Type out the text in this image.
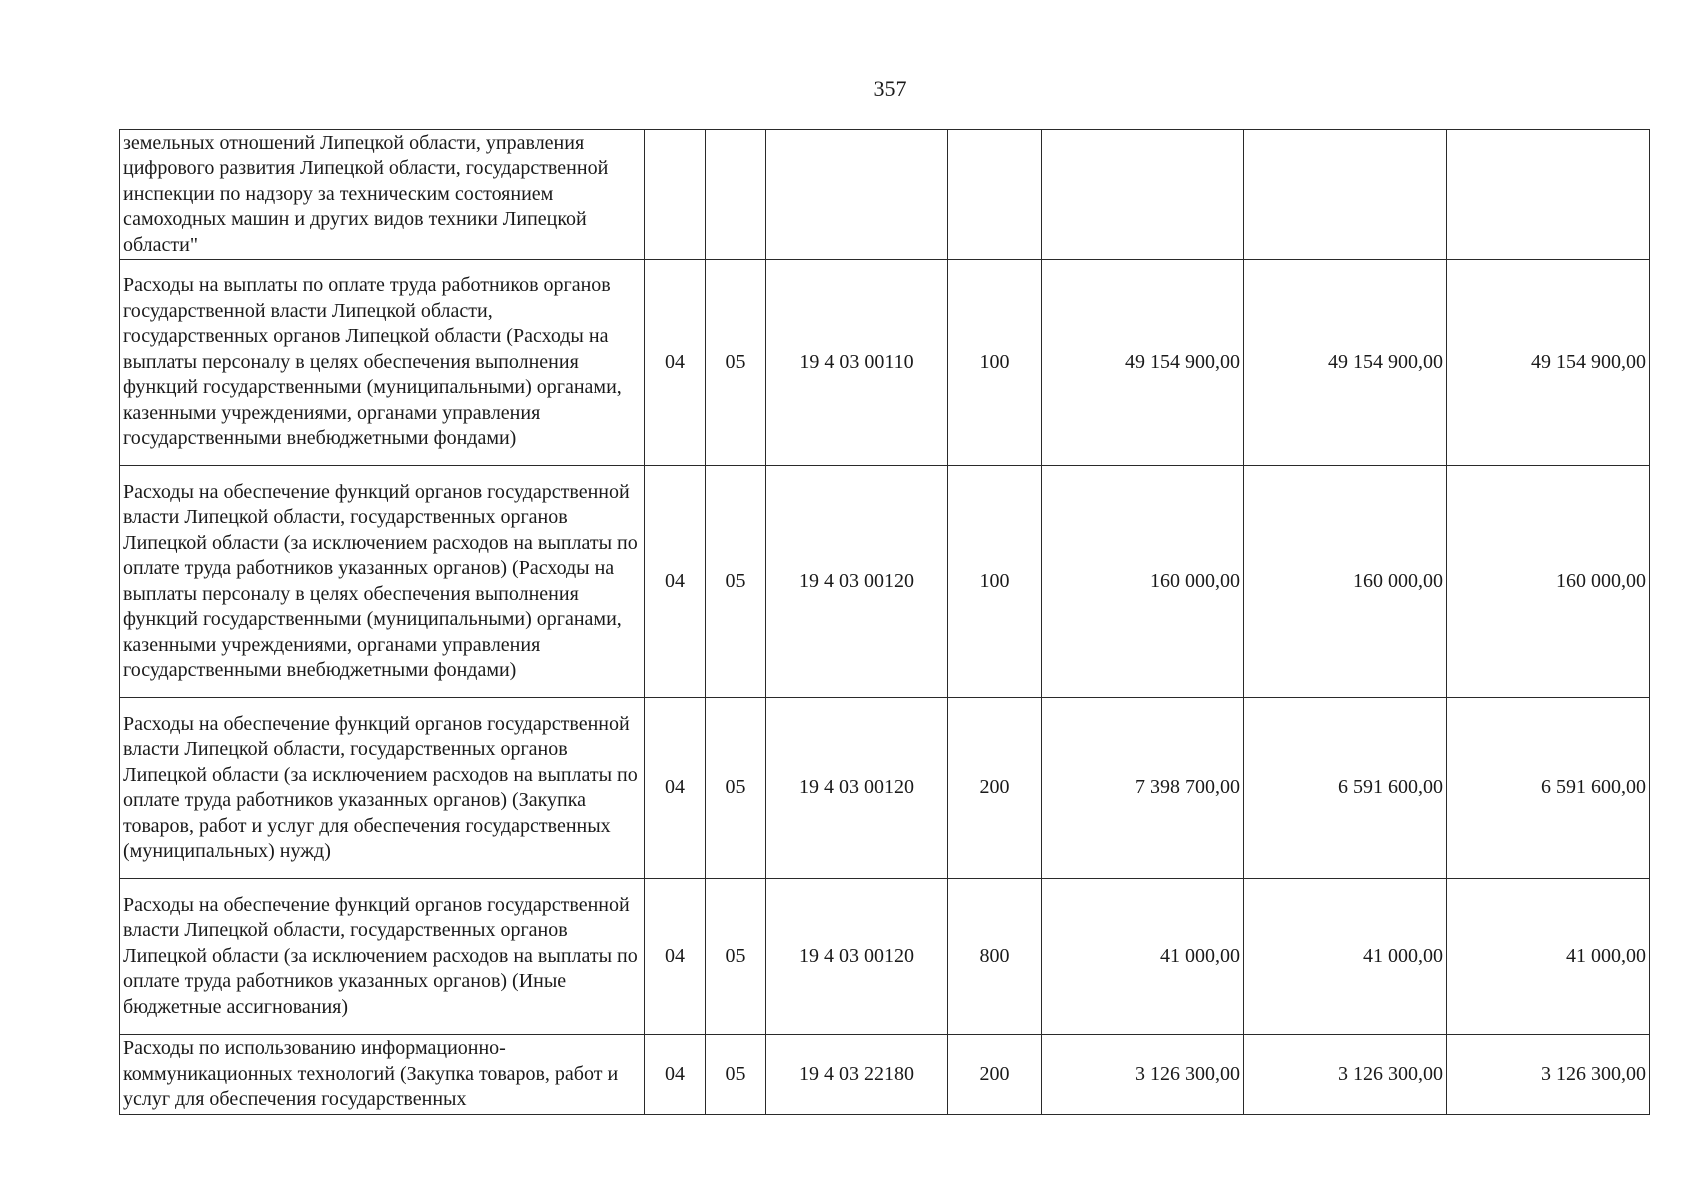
357
земельных отношений Липецкой области, управления цифрового развития Липецкой области, государственной инспекции по надзору за техническим состоянием самоходных машин и других видов техники Липецкой области"							
Расходы на выплаты по оплате труда работников органов государственной власти Липецкой области, государственных органов Липецкой области (Расходы на выплаты персоналу в целях обеспечения выполнения функций государственными (муниципальными) органами, казенными учреждениями, органами управления государственными внебюджетными фондами)	04	05	19 4 03 00110	100	49 154 900,00	49 154 900,00	49 154 900,00
Расходы на обеспечение функций органов государственной власти Липецкой области, государственных органов Липецкой области (за исключением расходов на выплаты по оплате труда работников указанных органов) (Расходы на выплаты персоналу в целях обеспечения выполнения функций государственными (муниципальными) органами, казенными учреждениями, органами управления государственными внебюджетными фондами)	04	05	19 4 03 00120	100	160 000,00	160 000,00	160 000,00
Расходы на обеспечение функций органов государственной власти Липецкой области, государственных органов Липецкой области (за исключением расходов на выплаты по оплате труда работников указанных органов) (Закупка товаров, работ и услуг для обеспечения государственных (муниципальных) нужд)	04	05	19 4 03 00120	200	7 398 700,00	6 591 600,00	6 591 600,00
Расходы на обеспечение функций органов государственной власти Липецкой области, государственных органов Липецкой области (за исключением расходов на выплаты по оплате труда работников указанных органов) (Иные бюджетные ассигнования)	04	05	19 4 03 00120	800	41 000,00	41 000,00	41 000,00
Расходы по использованию информационно-коммуникационных технологий (Закупка товаров, работ и услуг для обеспечения государственных	04	05	19 4 03 22180	200	3 126 300,00	3 126 300,00	3 126 300,00
